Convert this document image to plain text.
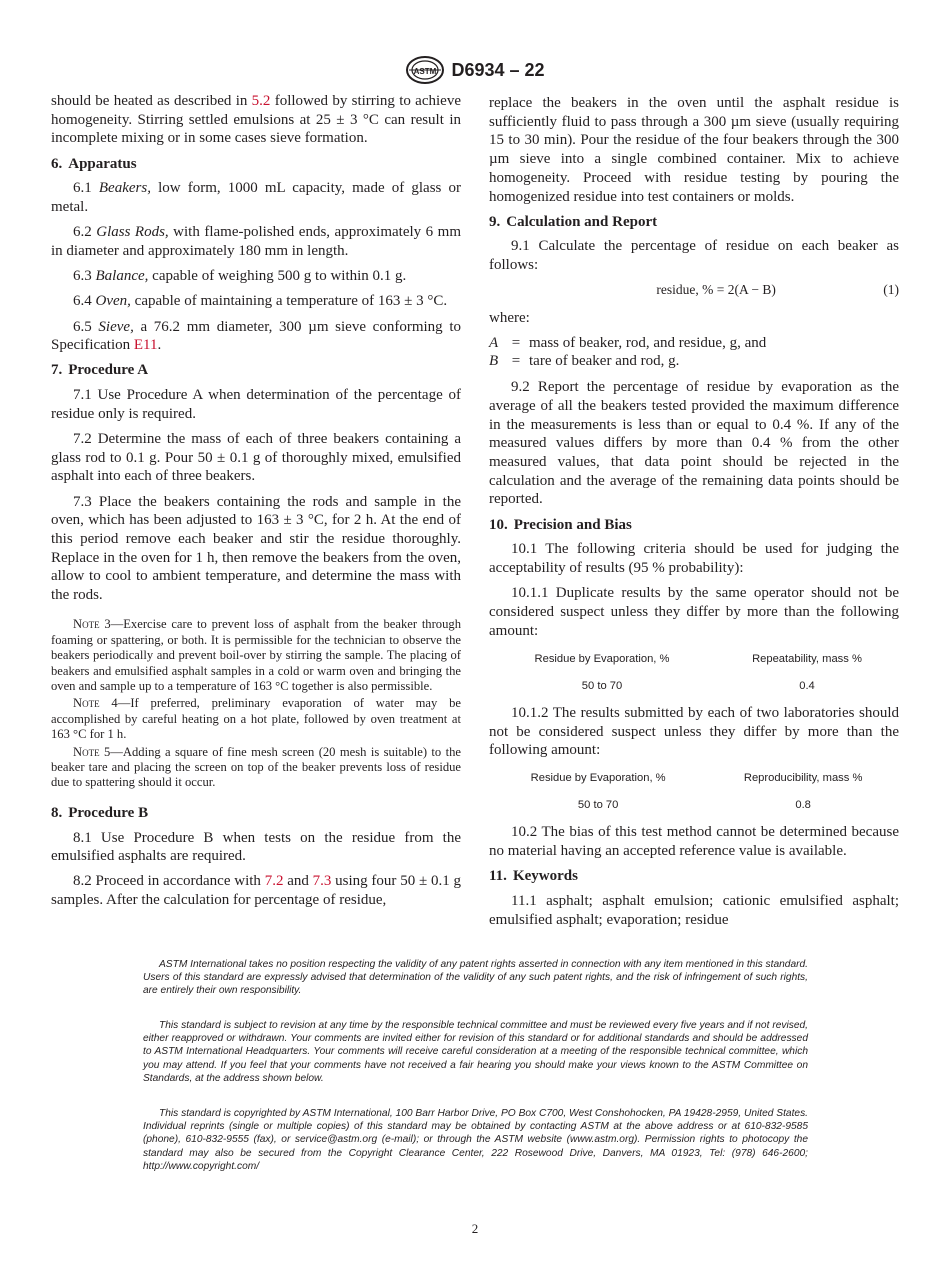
ASTM D6934 – 22

should be heated as described in 5.2 followed by stirring to achieve homogeneity. Stirring settled emulsions at 25 ± 3 °C can result in incomplete mixing or in some cases sieve formation.

6. Apparatus

6.1 Beakers, low form, 1000 mL capacity, made of glass or metal.

6.2 Glass Rods, with flame-polished ends, approximately 6 mm in diameter and approximately 180 mm in length.

6.3 Balance, capable of weighing 500 g to within 0.1 g.

6.4 Oven, capable of maintaining a temperature of 163 ± 3 °C.

6.5 Sieve, a 76.2 mm diameter, 300 µm sieve conforming to Specification E11.

7. Procedure A

7.1 Use Procedure A when determination of the percentage of residue only is required.

7.2 Determine the mass of each of three beakers containing a glass rod to 0.1 g. Pour 50 ± 0.1 g of thoroughly mixed, emulsified asphalt into each of three beakers.

7.3 Place the beakers containing the rods and sample in the oven, which has been adjusted to 163 ± 3 °C, for 2 h. At the end of this period remove each beaker and stir the residue thoroughly. Replace in the oven for 1 h, then remove the beakers from the oven, allow to cool to ambient temperature, and determine the mass with the rods.

Note 3—Exercise care to prevent loss of asphalt from the beaker through foaming or spattering, or both. It is permissible for the technician to observe the beakers periodically and prevent boil-over by stirring the sample. The placing of beakers and emulsified asphalt samples in a cold or warm oven and bringing the oven and sample up to a temperature of 163 °C together is also permissible.
Note 4—If preferred, preliminary evaporation of water may be accomplished by careful heating on a hot plate, followed by oven treatment at 163 °C for 1 h.
Note 5—Adding a square of fine mesh screen (20 mesh is suitable) to the beaker tare and placing the screen on top of the beaker prevents loss of residue due to spattering should it occur.
8. Procedure B

8.1 Use Procedure B when tests on the residue from the emulsified asphalts are required.

8.2 Proceed in accordance with 7.2 and 7.3 using four 50 ± 0.1 g samples. After the calculation for percentage of residue,

replace the beakers in the oven until the asphalt residue is sufficiently fluid to pass through a 300 µm sieve (usually requiring 15 to 30 min). Pour the residue of the four beakers through the 300 µm sieve into a single combined container. Mix to achieve homogeneity. Proceed with residue testing by pouring the homogenized residue into test containers or molds.

9. Calculation and Report

9.1 Calculate the percentage of residue on each beaker as follows:

residue, % = 2(A − B)	(1)

where:

A = mass of beaker, rod, and residue, g, and
B = tare of beaker and rod, g.

9.2 Report the percentage of residue by evaporation as the average of all the beakers tested provided the maximum difference in the measurements is less than or equal to 0.4 %. If any of the measured values differs by more than 0.4 % from the other measured values, that data point should be rejected in the calculation and the average of the remaining data points should be reported.

10. Precision and Bias

10.1 The following criteria should be used for judging the acceptability of results (95 % probability):

10.1.1 Duplicate results by the same operator should not be considered suspect unless they differ by more than the following amount:

Residue by Evaporation, %	Repeatability, mass %
50 to 70	0.4

10.1.2 The results submitted by each of two laboratories should not be considered suspect unless they differ by more than the following amount:

Residue by Evaporation, %	Reproducibility, mass %
50 to 70	0.8

10.2 The bias of this test method cannot be determined because no material having an accepted reference value is available.

11. Keywords

11.1 asphalt; asphalt emulsion; cationic emulsified asphalt; emulsified asphalt; evaporation; residue

ASTM International takes no position respecting the validity of any patent rights asserted in connection with any item mentioned in this standard. Users of this standard are expressly advised that determination of the validity of any such patent rights, and the risk of infringement of such rights, are entirely their own responsibility.
This standard is subject to revision at any time by the responsible technical committee and must be reviewed every five years and if not revised, either reapproved or withdrawn. Your comments are invited either for revision of this standard or for additional standards and should be addressed to ASTM International Headquarters. Your comments will receive careful consideration at a meeting of the responsible technical committee, which you may attend. If you feel that your comments have not received a fair hearing you should make your views known to the ASTM Committee on Standards, at the address shown below.
This standard is copyrighted by ASTM International, 100 Barr Harbor Drive, PO Box C700, West Conshohocken, PA 19428-2959, United States. Individual reprints (single or multiple copies) of this standard may be obtained by contacting ASTM at the above address or at 610-832-9585 (phone), 610-832-9555 (fax), or service@astm.org (e-mail); or through the ASTM website (www.astm.org). Permission rights to photocopy the standard may also be secured from the Copyright Clearance Center, 222 Rosewood Drive, Danvers, MA 01923, Tel: (978) 646-2600; http://www.copyright.com/
2
